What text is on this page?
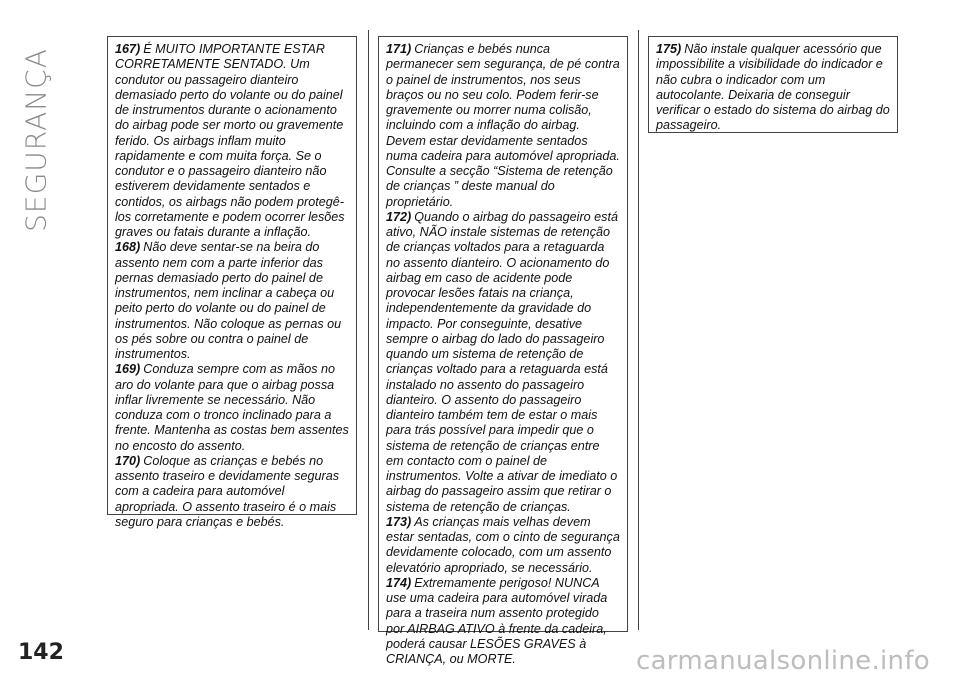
SEGURANÇA	167) É MUITO IMPORTANTE ESTAR CORRETAMENTE SENTADO. Um condutor ou passageiro dianteiro demasiado perto do volante ou do painel de instrumentos durante o acionamento do airbag pode ser morto ou gravemente ferido. Os airbags inflam muito rapidamente e com muita força. Se o condutor e o passageiro dianteiro não estiverem devidamente sentados e contidos, os airbags não podem protegê-los corretamente e podem ocorrer lesões graves ou fatais durante a inflação.

168) Não deve sentar-se na beira do assento nem com a parte inferior das pernas demasiado perto do painel de instrumentos, nem inclinar a cabeça ou peito perto do volante ou do painel de instrumentos. Não coloque as pernas ou os pés sobre ou contra o painel de instrumentos.

169) Conduza sempre com as mãos no aro do volante para que o airbag possa inflar livremente se necessário. Não conduza com o tronco inclinado para a frente. Mantenha as costas bem assentes no encosto do assento.

170) Coloque as crianças e bebés no assento traseiro e devidamente seguras com a cadeira para automóvel apropriada. O assento traseiro é o mais seguro para crianças e bebés.

171) Crianças e bebés nunca permanecer sem segurança, de pé contra o painel de instrumentos, nos seus braços ou no seu colo. Podem ferir-se gravemente ou morrer numa colisão, incluindo com a inflação do airbag. Devem estar devidamente sentados numa cadeira para automóvel apropriada. Consulte a secção “Sistema de retenção de crianças ” deste manual do proprietário.

172) Quando o airbag do passageiro está ativo, NÃO instale sistemas de retenção de crianças voltados para a retaguarda no assento dianteiro. O acionamento do airbag em caso de acidente pode provocar lesões fatais na criança, independentemente da gravidade do impacto. Por conseguinte, desative sempre o airbag do lado do passageiro quando um sistema de retenção de crianças voltado para a retaguarda está instalado no assento do passageiro dianteiro. O assento do passageiro dianteiro também tem de estar o mais para trás possível para impedir que o sistema de retenção de crianças entre em contacto com o painel de instrumentos. Volte a ativar de imediato o airbag do passageiro assim que retirar o sistema de retenção de crianças.

173) As crianças mais velhas devem estar sentadas, com o cinto de segurança devidamente colocado, com um assento elevatório apropriado, se necessário.

174) Extremamente perigoso! NUNCA use uma cadeira para automóvel virada para a traseira num assento protegido por AIRBAG ATIVO à frente da cadeira, poderá causar LESÕES GRAVES à CRIANÇA, ou MORTE.

175) Não instale qualquer acessório que impossibilite a visibilidade do indicador e não cubra o indicador com um autocolante. Deixaria de conseguir verificar o estado do sistema do airbag do passageiro.

142	carmanualsonline.info
